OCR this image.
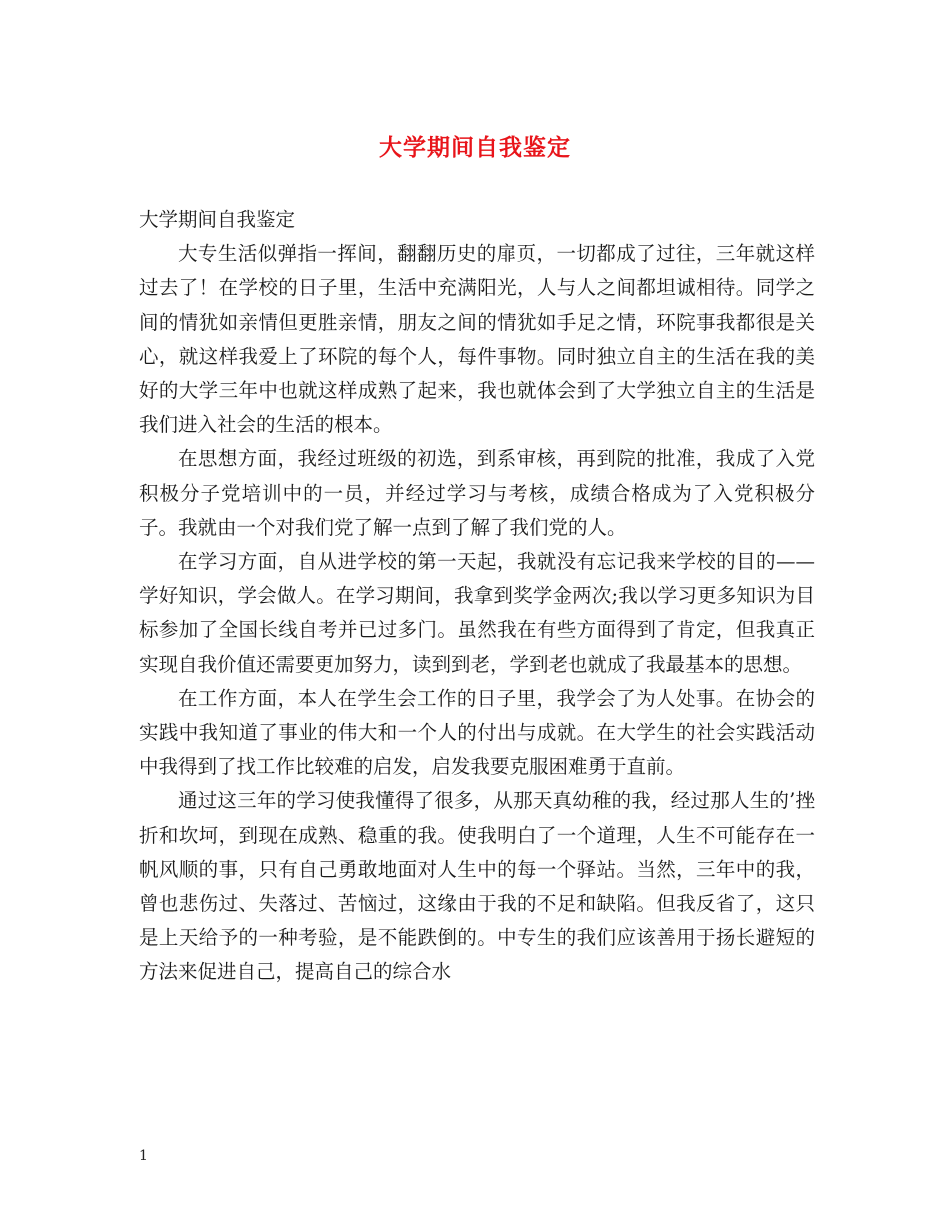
大学期间自我鉴定

大学期间自我鉴定

大专生活似弹指一挥间，翻翻历史的扉页，一切都成了过往，三年就这样过去了！在学校的日子里，生活中充满阳光，人与人之间都坦诚相待。同学之间的情犹如亲情但更胜亲情，朋友之间的情犹如手足之情，环院事我都很是关心，就这样我爱上了环院的每个人，每件事物。同时独立自主的生活在我的美好的大学三年中也就这样成熟了起来，我也就体会到了大学独立自主的生活是我们进入社会的生活的根本。

在思想方面，我经过班级的初选，到系审核，再到院的批准，我成了入党积极分子党培训中的一员，并经过学习与考核，成绩合格成为了入党积极分子。我就由一个对我们党了解一点到了解了我们党的人。

在学习方面，自从进学校的第一天起，我就没有忘记我来学校的目的——学好知识，学会做人。在学习期间，我拿到奖学金两次;我以学习更多知识为目标参加了全国长线自考并已过多门。虽然我在有些方面得到了肯定，但我真正实现自我价值还需要更加努力，读到到老，学到老也就成了我最基本的思想。

在工作方面，本人在学生会工作的日子里，我学会了为人处事。在协会的实践中我知道了事业的伟大和一个人的付出与成就。在大学生的社会实践活动中我得到了找工作比较难的启发，启发我要克服困难勇于直前。

通过这三年的学习使我懂得了很多，从那天真幼稚的我，经过那人生的’挫折和坎坷，到现在成熟、稳重的我。使我明白了一个道理，人生不可能存在一帆风顺的事，只有自己勇敢地面对人生中的每一个驿站。当然，三年中的我，曾也悲伤过、失落过、苦恼过，这缘由于我的不足和缺陷。但我反省了，这只是上天给予的一种考验，是不能跌倒的。中专生的我们应该善用于扬长避短的方法来促进自己，提高自己的综合水

1
